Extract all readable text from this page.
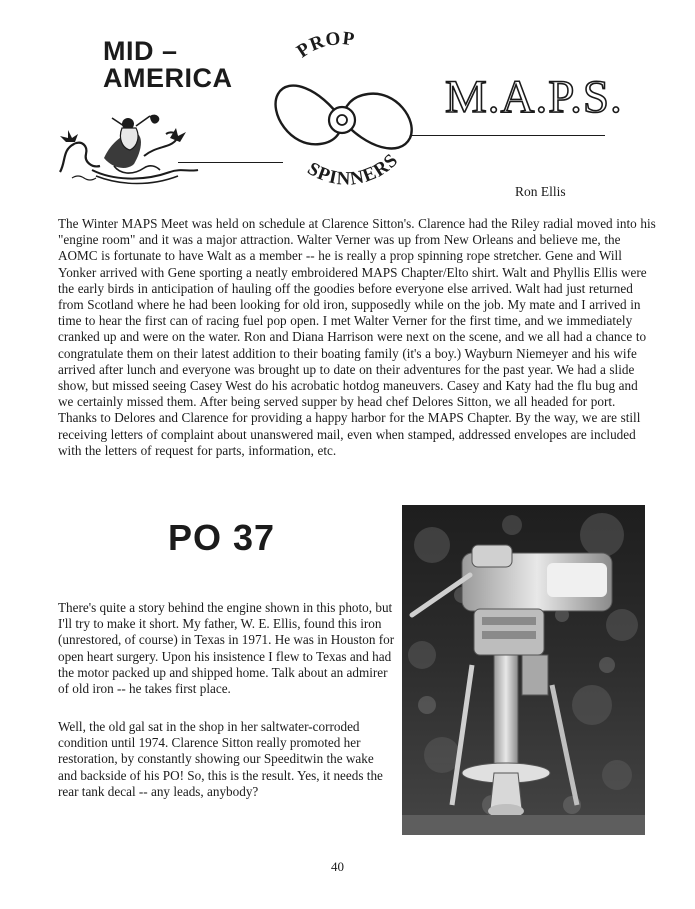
MID –
AMERICA
PROP
SPINNERS
M.A.P.S.

Ron Ellis

The Winter MAPS Meet was held on schedule at Clarence Sitton's. Clarence had the Riley radial moved into his "engine room" and it was a major attraction. Walter Verner was up from New Orleans and believe me, the AOMC is fortunate to have Walt as a member -- he is really a prop spinning rope stretcher. Gene and Will Yonker arrived with Gene sporting a neatly embroidered MAPS Chapter/Elto shirt. Walt and Phyllis Ellis were the early birds in anticipation of hauling off the goodies before everyone else arrived. Walt had just returned from Scotland where he had been looking for old iron, supposedly while on the job. My mate and I arrived in time to hear the first can of racing fuel pop open. I met Walter Verner for the first time, and we immediately cranked up and were on the water. Ron and Diana Harrison were next on the scene, and we all had a chance to congratulate them on their latest addition to their boating family (it's a boy.) Wayburn Niemeyer and his wife arrived after lunch and everyone was brought up to date on their adventures for the past year. We had a slide show, but missed seeing Casey West do his acrobatic hotdog maneuvers. Casey and Katy had the flu bug and we certainly missed them. After being served supper by head chef Delores Sitton, we all headed for port. Thanks to Delores and Clarence for providing a happy harbor for the MAPS Chapter. By the way, we are still receiving letters of complaint about unanswered mail, even when stamped, addressed envelopes are included with the letters of request for parts, information, etc.

PO 37

There's quite a story behind the engine shown in this photo, but I'll try to make it short. My father, W. E. Ellis, found this iron (unrestored, of course) in Texas in 1971. He was in Houston for open heart surgery. Upon his insistence I flew to Texas and had the motor packed up and shipped home. Talk about an admirer of old iron -- he takes first place.

Well, the old gal sat in the shop in her saltwater-corroded condition until 1974. Clarence Sitton really promoted her restoration, by constantly showing our Speeditwin the wake and backside of his PO! So, this is the result. Yes, it needs the rear tank decal -- any leads, anybody?

40
